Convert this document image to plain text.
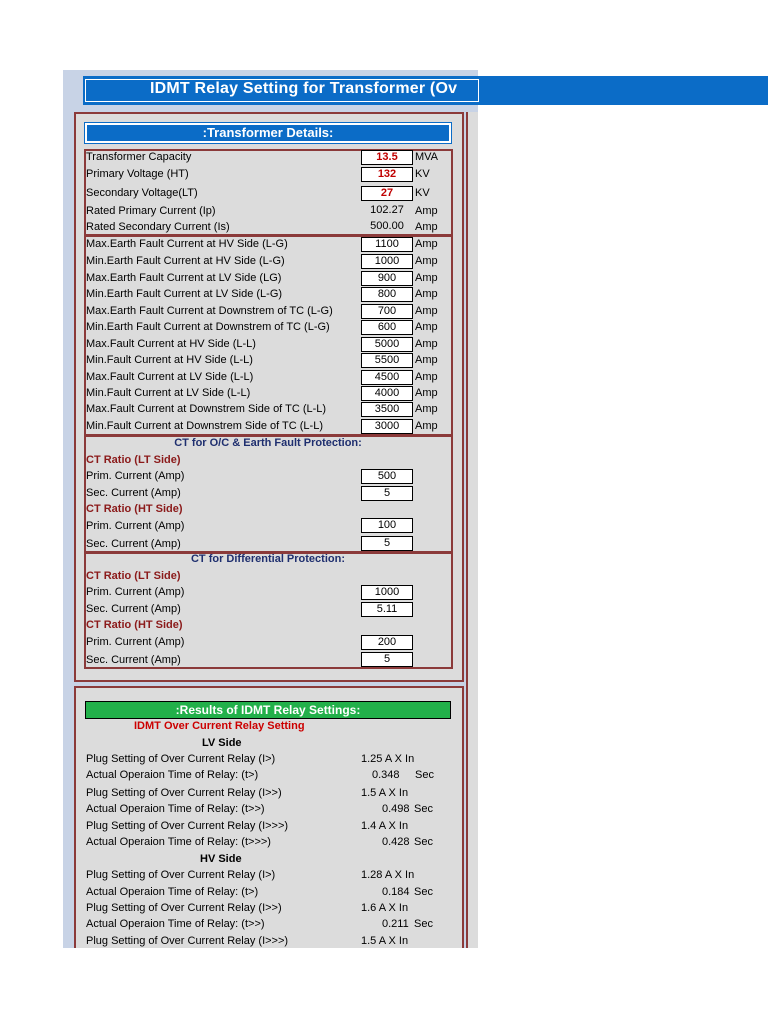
IDMT Relay Setting for Transformer (Ov
:Transformer Details:
Transformer Capacity	13.5	MVA
Primary Voltage (HT)	132	KV
Secondary Voltage(LT)	27	KV
Rated Primary Current (Ip)	102.27	Amp
Rated Secondary Current (Is)	500.00	Amp
Max.Earth Fault Current at HV Side (L-G)	1100	Amp
Min.Earth Fault Current at HV Side (L-G)	1000	Amp
Max.Earth Fault Current at LV Side (LG)	900	Amp
Min.Earth Fault Current at LV Side (L-G)	800	Amp
Max.Earth Fault Current at Downstrem of TC (L-G)	700	Amp
Min.Earth Fault Current at Downstrem of TC (L-G)	600	Amp
Max.Fault Current at HV Side (L-L)	5000	Amp
Min.Fault Current at HV Side (L-L)	5500	Amp
Max.Fault Current at LV Side (L-L)	4500	Amp
Min.Fault Current at LV Side (L-L)	4000	Amp
Max.Fault Current at Downstrem Side of TC (L-L)	3500	Amp
Min.Fault Current at Downstrem Side of TC (L-L)	3000	Amp
CT for O/C & Earth Fault Protection:
CT Ratio (LT Side)
Prim. Current (Amp)	500
Sec. Current (Amp)	5
CT Ratio (HT Side)
Prim. Current (Amp)	100
Sec. Current (Amp)	5
CT for Differential Protection:
CT Ratio (LT Side)
Prim. Current (Amp)	1000
Sec. Current (Amp)	5.11
CT Ratio (HT Side)
Prim. Current (Amp)	200
Sec. Current (Amp)	5
:Results of IDMT Relay Settings:
IDMT Over Current Relay Setting
LV Side
Plug Setting of Over Current Relay (I>)	1.25 A X In
Actual Operaion Time of Relay: (t>)	0.348 Sec
Plug Setting of Over Current Relay (I>>)	1.5 A X In
Actual Operaion Time of Relay: (t>>)	0.498 Sec
Plug Setting of Over Current Relay (I>>>)	1.4 A X In
Actual Operaion Time of Relay: (t>>>)	0.428 Sec
HV Side
Plug Setting of Over Current Relay (I>)	1.28 A X In
Actual Operaion Time of Relay: (t>)	0.184 Sec
Plug Setting of Over Current Relay (I>>)	1.6 A X In
Actual Operaion Time of Relay: (t>>)	0.211 Sec
Plug Setting of Over Current Relay (I>>>)	1.5 A X In
